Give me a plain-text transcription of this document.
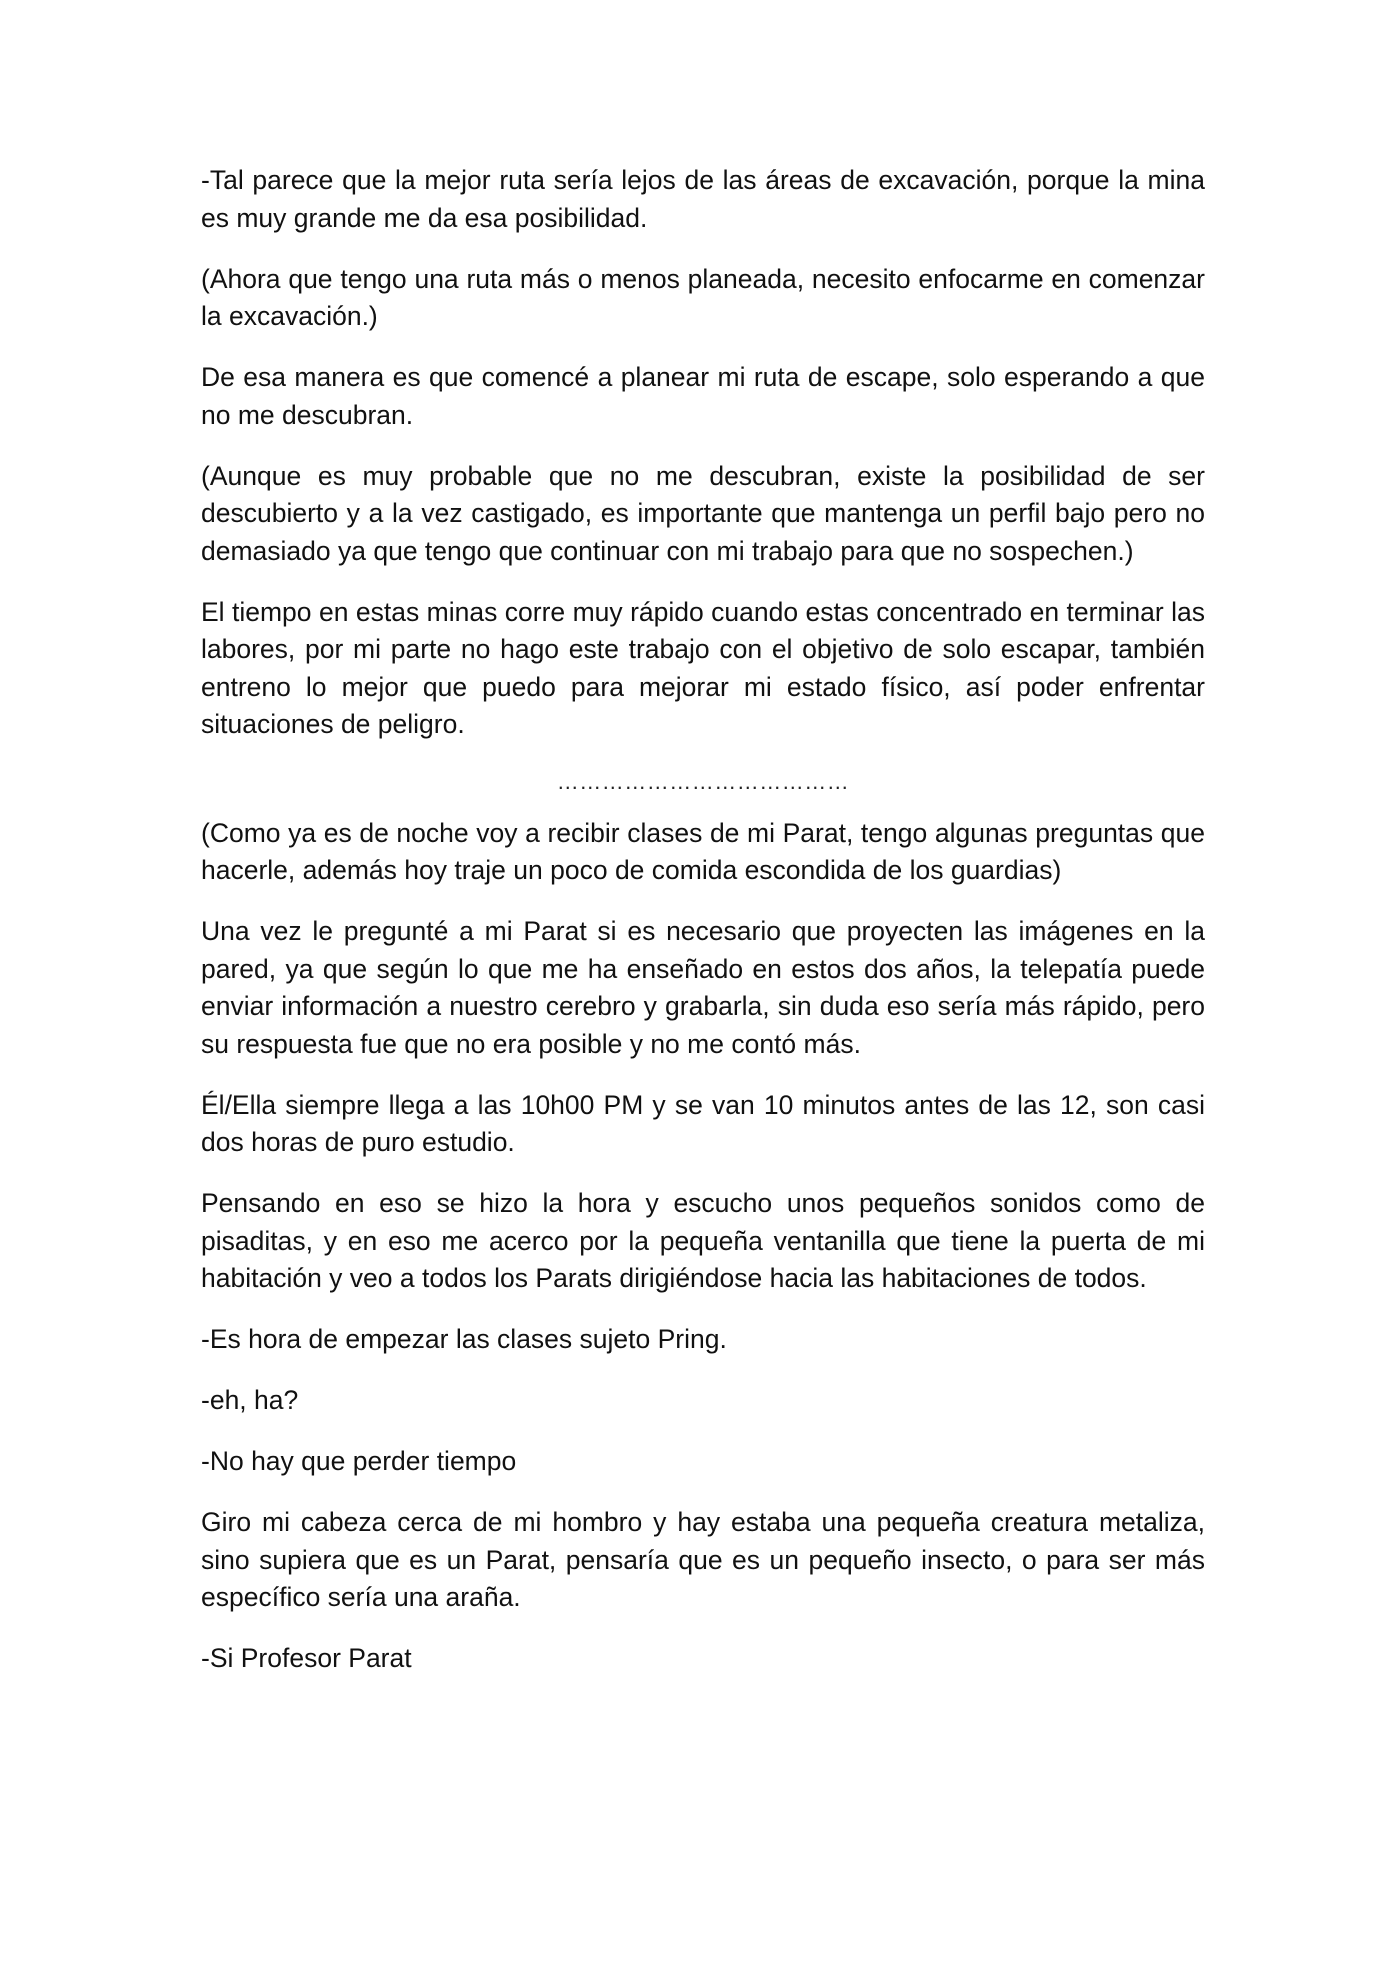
-Tal parece que la mejor ruta sería lejos de las áreas de excavación, porque la mina es muy grande me da esa posibilidad.

(Ahora que tengo una ruta más o menos planeada, necesito enfocarme en comenzar la excavación.)

De esa manera es que comencé a planear mi ruta de escape, solo esperando a que no me descubran.

(Aunque es muy probable que no me descubran, existe la posibilidad de ser descubierto y a la vez castigado, es importante que mantenga un perfil bajo pero no demasiado ya que tengo que continuar con mi trabajo para que no sospechen.)

El tiempo en estas minas corre muy rápido cuando estas concentrado en terminar las labores, por mi parte no hago este trabajo con el objetivo de solo escapar, también entreno lo mejor que puedo para mejorar mi estado físico, así poder enfrentar situaciones de peligro.

…………………………………

(Como ya es de noche voy a recibir clases de mi Parat, tengo algunas preguntas que hacerle, además hoy traje un poco de comida escondida de los guardias)

Una vez le pregunté a mi Parat si es necesario que proyecten las imágenes en la pared, ya que según lo que me ha enseñado en estos dos años, la telepatía puede enviar información a nuestro cerebro y grabarla, sin duda eso sería más rápido, pero su respuesta fue que no era posible y no me contó más.

Él/Ella siempre llega a las 10h00 PM y se van 10 minutos antes de las 12, son casi dos horas de puro estudio.

Pensando en eso se hizo la hora y escucho unos pequeños sonidos como de pisaditas, y en eso me acerco por la pequeña ventanilla que tiene la puerta de mi habitación y veo a todos los Parats dirigiéndose hacia las habitaciones de todos.

-Es hora de empezar las clases sujeto Pring.

-eh, ha?

-No hay que perder tiempo

Giro mi cabeza cerca de mi hombro y hay estaba una pequeña creatura metaliza, sino supiera que es un Parat, pensaría que es un pequeño insecto, o para ser más específico sería una araña.

-Si Profesor Parat
